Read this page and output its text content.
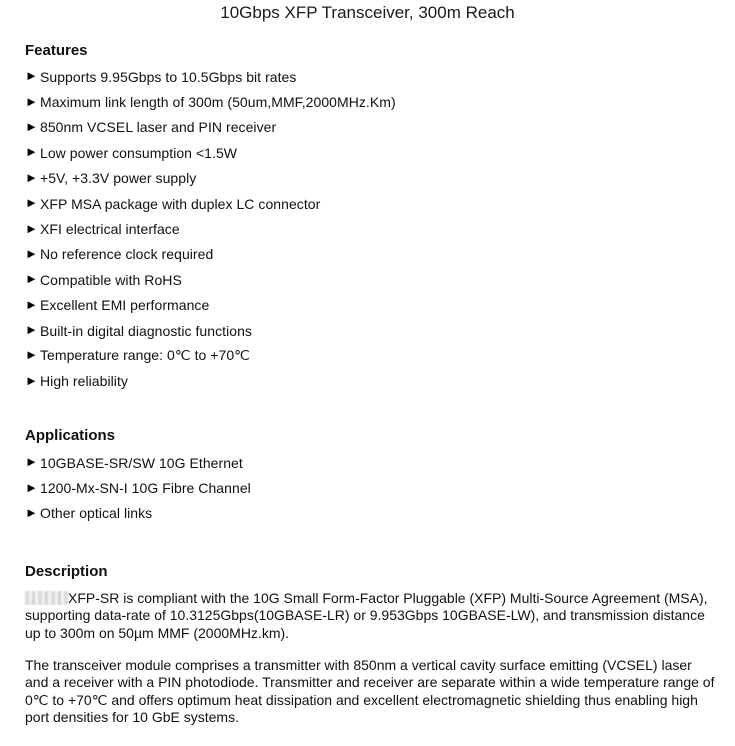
10Gbps XFP Transceiver, 300m Reach
Features
► Supports 9.95Gbps to 10.5Gbps bit rates
► Maximum link length of 300m (50um,MMF,2000MHz.Km)
► 850nm VCSEL laser and PIN receiver
► Low power consumption <1.5W
► +5V, +3.3V power supply
► XFP MSA package with duplex LC connector
► XFI electrical interface
► No reference clock required
► Compatible with RoHS
► Excellent EMI performance
► Built-in digital diagnostic functions
► Temperature range: 0℃ to +70℃
► High reliability
Applications
► 10GBASE-SR/SW 10G Ethernet
► 1200-Mx-SN-I 10G Fibre Channel
► Other optical links
Description

XFP-SR is compliant with the 10G Small Form-Factor Pluggable (XFP) Multi-Source Agreement (MSA), supporting data-rate of 10.3125Gbps(10GBASE-LR) or 9.953Gbps 10GBASE-LW), and transmission distance up to 300m on 50µm MMF (2000MHz.km).

The transceiver module comprises a transmitter with 850nm a vertical cavity surface emitting (VCSEL) laser and a receiver with a PIN photodiode. Transmitter and receiver are separate within a wide temperature range of 0℃ to +70℃ and offers optimum heat dissipation and excellent electromagnetic shielding thus enabling high port densities for 10 GbE systems.
